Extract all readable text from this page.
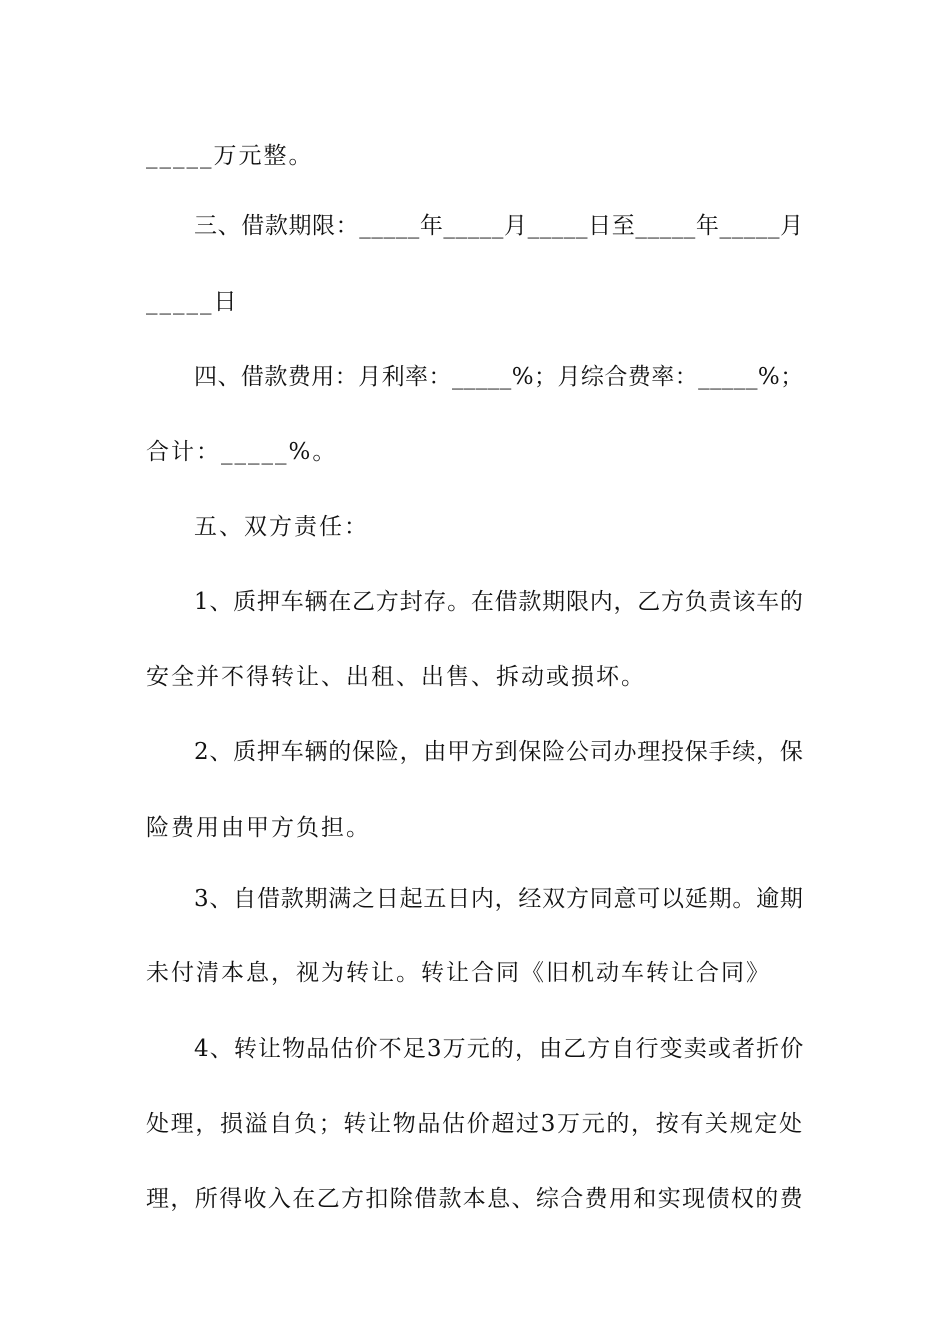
_____万元整。
三、借款期限：_____年_____月_____日至_____年_____月
_____日
四、借款费用：月利率：_____%；月综合费率：_____%；
合计：_____%。
五、双方责任：
1、质押车辆在乙方封存。在借款期限内，乙方负责该车的
安全并不得转让、出租、出售、拆动或损坏。
2、质押车辆的保险，由甲方到保险公司办理投保手续，保
险费用由甲方负担。
3、自借款期满之日起五日内，经双方同意可以延期。逾期
未付清本息，视为转让。转让合同《旧机动车转让合同》
4、转让物品估价不足3万元的，由乙方自行变卖或者折价
处理，损溢自负；转让物品估价超过3万元的，按有关规定处
理，所得收入在乙方扣除借款本息、综合费用和实现债权的费
